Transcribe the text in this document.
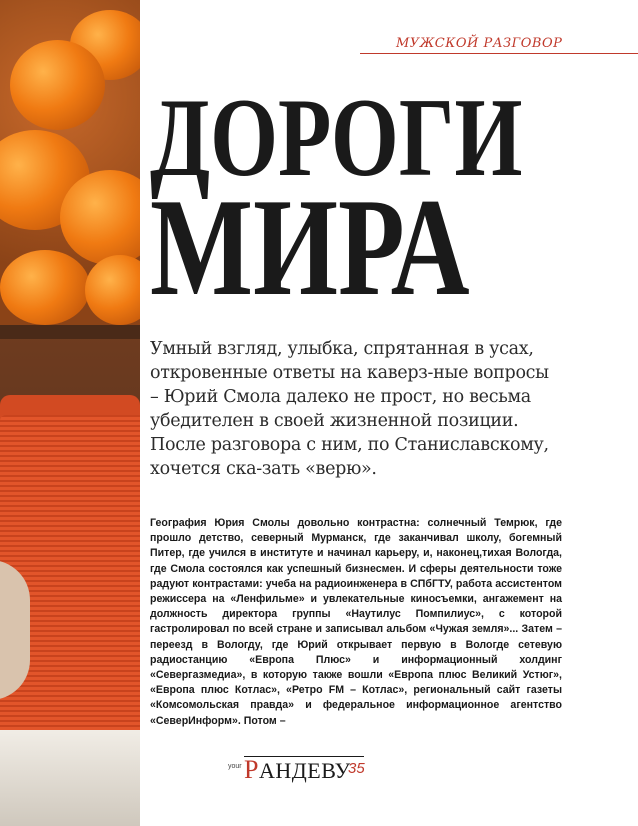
МУЖСКОЙ РАЗГОВОР
ДОРОГИ
МИРА

Умный взгляд, улыбка, спрятанная в усах, откровенные ответы на каверз-ные вопросы – Юрий Смола далеко не прост, но весьма убедителен в своей жизненной позиции. После разговора с ним, по Станиславскому, хочется ска-зать «верю».

География Юрия Смолы довольно контрастна: солнечный Темрюк, где прошло детство, северный Мурманск, где заканчивал школу, богемный Питер, где учился в институте и начинал карьеру, и, наконец,тихая Вологда, где Смола состоялся как успешный бизнесмен. И сферы деятельности тоже радуют контрастами: учеба на радиоинженера в СПбГТУ, работа ассистентом режиссера на «Ленфильме» и увлекательные киносъемки, ангажемент на должность директора группы «Наутилус Помпилиус», с которой гастролировал по всей стране и записывал альбом «Чужая земля»... Затем – переезд в Вологду, где Юрий открывает первую в Вологде сетевую радиостанцию «Европа Плюс» и информационный холдинг «Севергазмедиа», в которую также вошли «Европа плюс Великий Устюг», «Европа плюс Котлас», «Ретро FM – Котлас», региональный сайт газеты «Комсомольская правда» и федеральное информационное агентство «СеверИнформ». Потом –

your РАНДЕВУ
35
